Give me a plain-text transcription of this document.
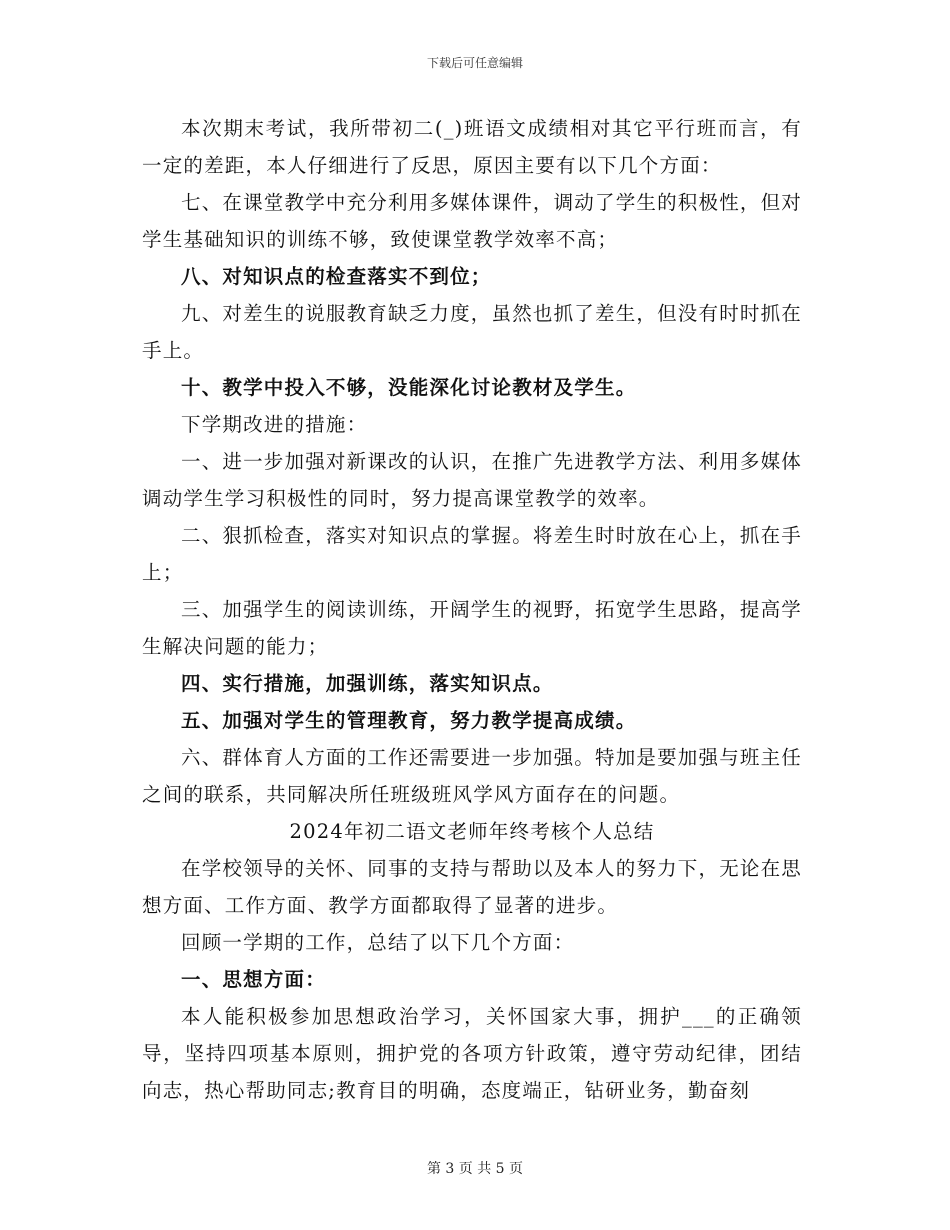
下载后可任意编辑

本次期末考试，我所带初二(_)班语文成绩相对其它平行班而言，有一定的差距，本人仔细进行了反思，原因主要有以下几个方面：

七、在课堂教学中充分利用多媒体课件，调动了学生的积极性，但对学生基础知识的训练不够，致使课堂教学效率不高；

八、对知识点的检查落实不到位；

九、对差生的说服教育缺乏力度，虽然也抓了差生，但没有时时抓在手上。

十、教学中投入不够，没能深化讨论教材及学生。

下学期改进的措施：

一、进一步加强对新课改的认识，在推广先进教学方法、利用多媒体调动学生学习积极性的同时，努力提高课堂教学的效率。

二、狠抓检查，落实对知识点的掌握。将差生时时放在心上，抓在手上；

三、加强学生的阅读训练，开阔学生的视野，拓宽学生思路，提高学生解决问题的能力；

四、实行措施，加强训练，落实知识点。

五、加强对学生的管理教育，努力教学提高成绩。

六、群体育人方面的工作还需要进一步加强。特加是要加强与班主任之间的联系，共同解决所任班级班风学风方面存在的问题。

2024年初二语文老师年终考核个人总结

在学校领导的关怀、同事的支持与帮助以及本人的努力下，无论在思想方面、工作方面、教学方面都取得了显著的进步。

回顾一学期的工作，总结了以下几个方面：

一、思想方面：

本人能积极参加思想政治学习，关怀国家大事，拥护___的正确领导，坚持四项基本原则，拥护党的各项方针政策，遵守劳动纪律，团结向志，热心帮助同志;教育目的明确，态度端正，钻研业务，勤奋刻

第 3 页 共 5 页
